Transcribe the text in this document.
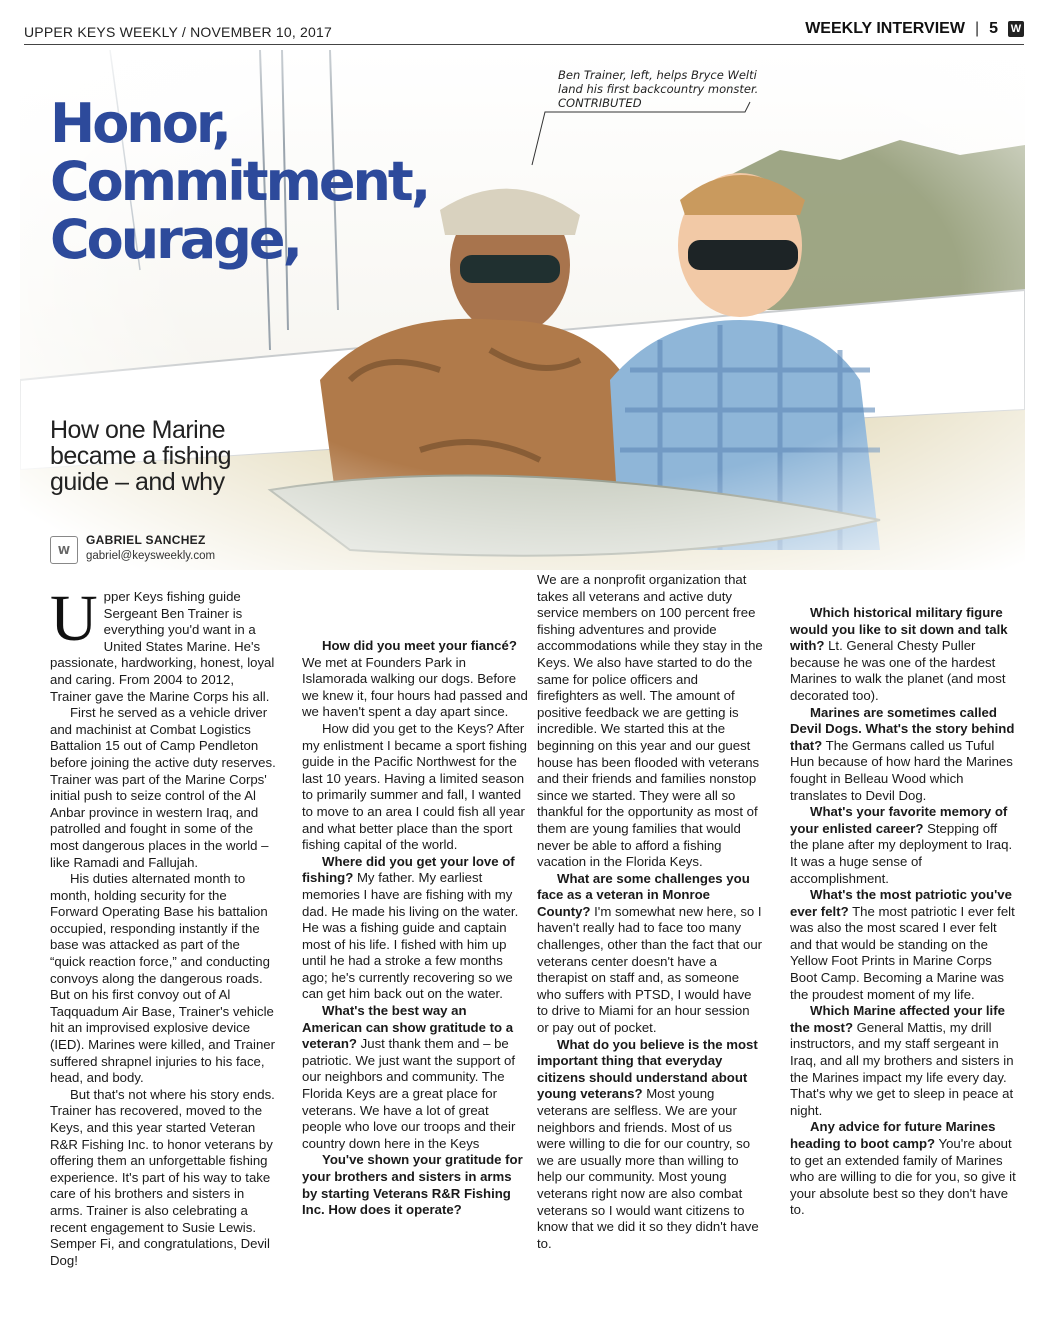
UPPER KEYS WEEKLY / NOVEMBER 10, 2017	WEEKLY INTERVIEW | 5 W
Ben Trainer, left, helps Bryce Welti
land his first backcountry monster.
CONTRIBUTED
Honor,
Commitment,
Courage,
How one Marine
became a fishing
guide – and why
W
GABRIEL SANCHEZ
gabriel@keysweekly.com

Upper Keys fishing guide Sergeant Ben Trainer is everything you'd want in a United States Marine. He's passionate, hardworking, honest, loyal and caring. From 2004 to 2012, Trainer gave the Marine Corps his all.

First he served as a vehicle driver and machinist at Combat Logistics Battalion 15 out of Camp Pendleton before joining the active duty reserves. Trainer was part of the Marine Corps' initial push to seize control of the Al Anbar province in western Iraq, and patrolled and fought in some of the most dangerous places in the world – like Ramadi and Fallujah.

His duties alternated month to month, holding security for the Forward Operating Base his battalion occupied, responding instantly if the base was attacked as part of the “quick reaction force,” and conducting convoys along the dangerous roads. But on his first convoy out of Al Taqquadum Air Base, Trainer's vehicle hit an improvised explosive device (IED). Marines were killed, and Trainer suffered shrapnel injuries to his face, head, and body.

But that's not where his story ends. Trainer has recovered, moved to the Keys, and this year started Veteran R&R Fishing Inc. to honor veterans by offering them an unforgettable fishing experience. It's part of his way to take care of his brothers and sisters in arms. Trainer is also celebrating a recent engagement to Susie Lewis. Semper Fi, and congratulations, Devil Dog!

How did you meet your fiancé? We met at Founders Park in Islamorada walking our dogs. Before we knew it, four hours had passed and we haven't spent a day apart since.

How did you get to the Keys? After my enlistment I became a sport fishing guide in the Pacific Northwest for the last 10 years. Having a limited season to primarily summer and fall, I wanted to move to an area I could fish all year and what better place than the sport fishing capital of the world.

Where did you get your love of fishing? My father. My earliest memories I have are fishing with my dad. He made his living on the water. He was a fishing guide and captain most of his life. I fished with him up until he had a stroke a few months ago; he's currently recovering so we can get him back out on the water.

What's the best way an American can show gratitude to a veteran? Just thank them and – be patriotic. We just want the support of our neighbors and community. The Florida Keys are a great place for veterans. We have a lot of great people who love our troops and their country down here in the Keys

You've shown your gratitude for your brothers and sisters in arms by starting Veterans R&R Fishing Inc. How does it operate?

We are a nonprofit organization that takes all veterans and active duty service members on 100 percent free fishing adventures and provide accommodations while they stay in the Keys. We also have started to do the same for police officers and firefighters as well. The amount of positive feedback we are getting is incredible. We started this at the beginning on this year and our guest house has been flooded with veterans and their friends and families nonstop since we started. They were all so thankful for the opportunity as most of them are young families that would never be able to afford a fishing vacation in the Florida Keys.

What are some challenges you face as a veteran in Monroe County? I'm somewhat new here, so I haven't really had to face too many challenges, other than the fact that our veterans center doesn't have a therapist on staff and, as someone who suffers with PTSD, I would have to drive to Miami for an hour session or pay out of pocket.

What do you believe is the most important thing that everyday citizens should understand about young veterans? Most young veterans are selfless. We are your neighbors and friends. Most of us were willing to die for our country, so we are usually more than willing to help our community. Most young veterans right now are also combat veterans so I would want citizens to know that we did it so they didn't have to.

Which historical military figure would you like to sit down and talk with? Lt. General Chesty Puller because he was one of the hardest Marines to walk the planet (and most decorated too).

Marines are sometimes called Devil Dogs. What's the story behind that? The Germans called us Tuful Hun because of how hard the Marines fought in Belleau Wood which translates to Devil Dog.

What's your favorite memory of your enlisted career? Stepping off the plane after my deployment to Iraq. It was a huge sense of accomplishment.

What's the most patriotic you've ever felt? The most patriotic I ever felt was also the most scared I ever felt and that would be standing on the Yellow Foot Prints in Marine Corps Boot Camp. Becoming a Marine was the proudest moment of my life.

Which Marine affected your life the most? General Mattis, my drill instructors, and my staff sergeant in Iraq, and all my brothers and sisters in the Marines impact my life every day. That's why we get to sleep in peace at night.

Any advice for future Marines heading to boot camp? You're about to get an extended family of Marines who are willing to die for you, so give it your absolute best so they don't have to.
